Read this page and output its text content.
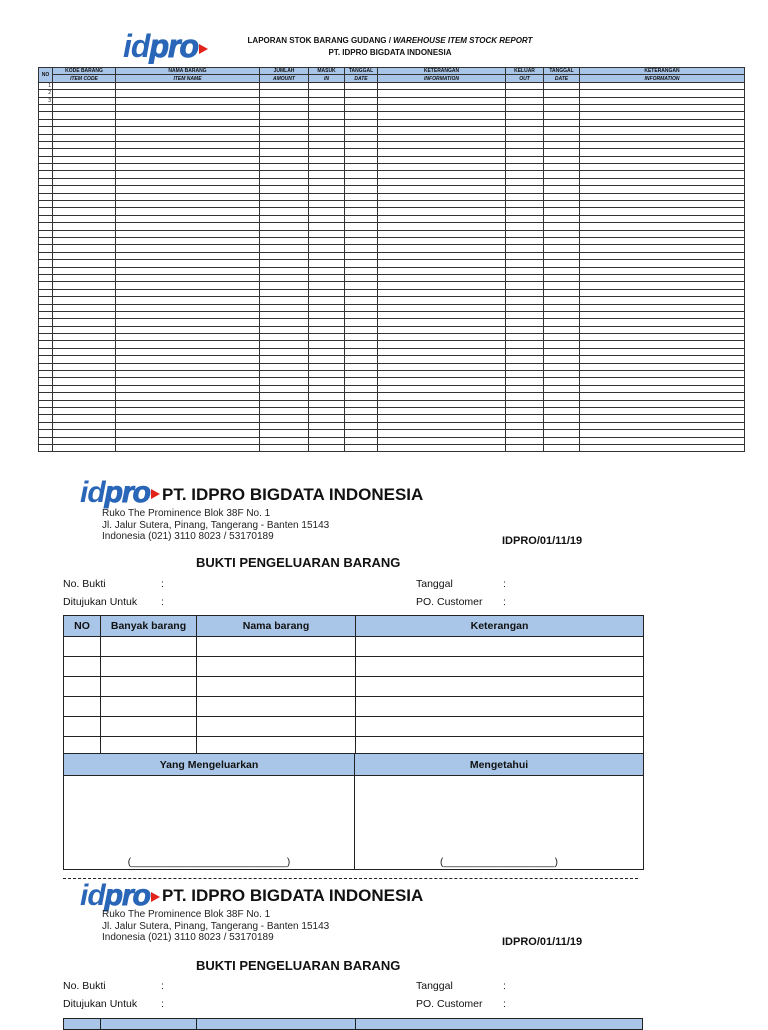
idpro	LAPORAN STOK BARANG GUDANG / WAREHOUSE ITEM STOCK REPORT
PT. IDPRO BIGDATA INDONESIA
NO	KODE BARANG	NAMA BARANG	JUMLAH	MASUK	TANGGAL	KETERANGAN	KELUAR	TANGGAL	KETERANGAN
	ITEM CODE	ITEM NAME	AMOUNT	IN	DATE	INFORMATION	OUT	DATE	INFORMATION
1									
2									
3									

idpro PT. IDPRO BIGDATA INDONESIA
Ruko The Prominence Blok 38F No. 1
Jl. Jalur Sutera, Pinang, Tangerang - Banten 15143
Indonesia (021) 3110 8023 / 53170189	IDPRO/01/11/19
BUKTI PENGELUARAN BARANG
No. Bukti	:
Ditujukan Untuk :
Tanggal	:
PO. Customer :
NO	Banyak barang	Nama barang	Keterangan

Yang Mengeluarkan	Mengetahui
(____________________________)	(____________________)
idpro PT. IDPRO BIGDATA INDONESIA
Ruko The Prominence Blok 38F No. 1
Jl. Jalur Sutera, Pinang, Tangerang - Banten 15143
Indonesia (021) 3110 8023 / 53170189	IDPRO/01/11/19
BUKTI PENGELUARAN BARANG
No. Bukti	:
Ditujukan Untuk :
Tanggal	:
PO. Customer :
